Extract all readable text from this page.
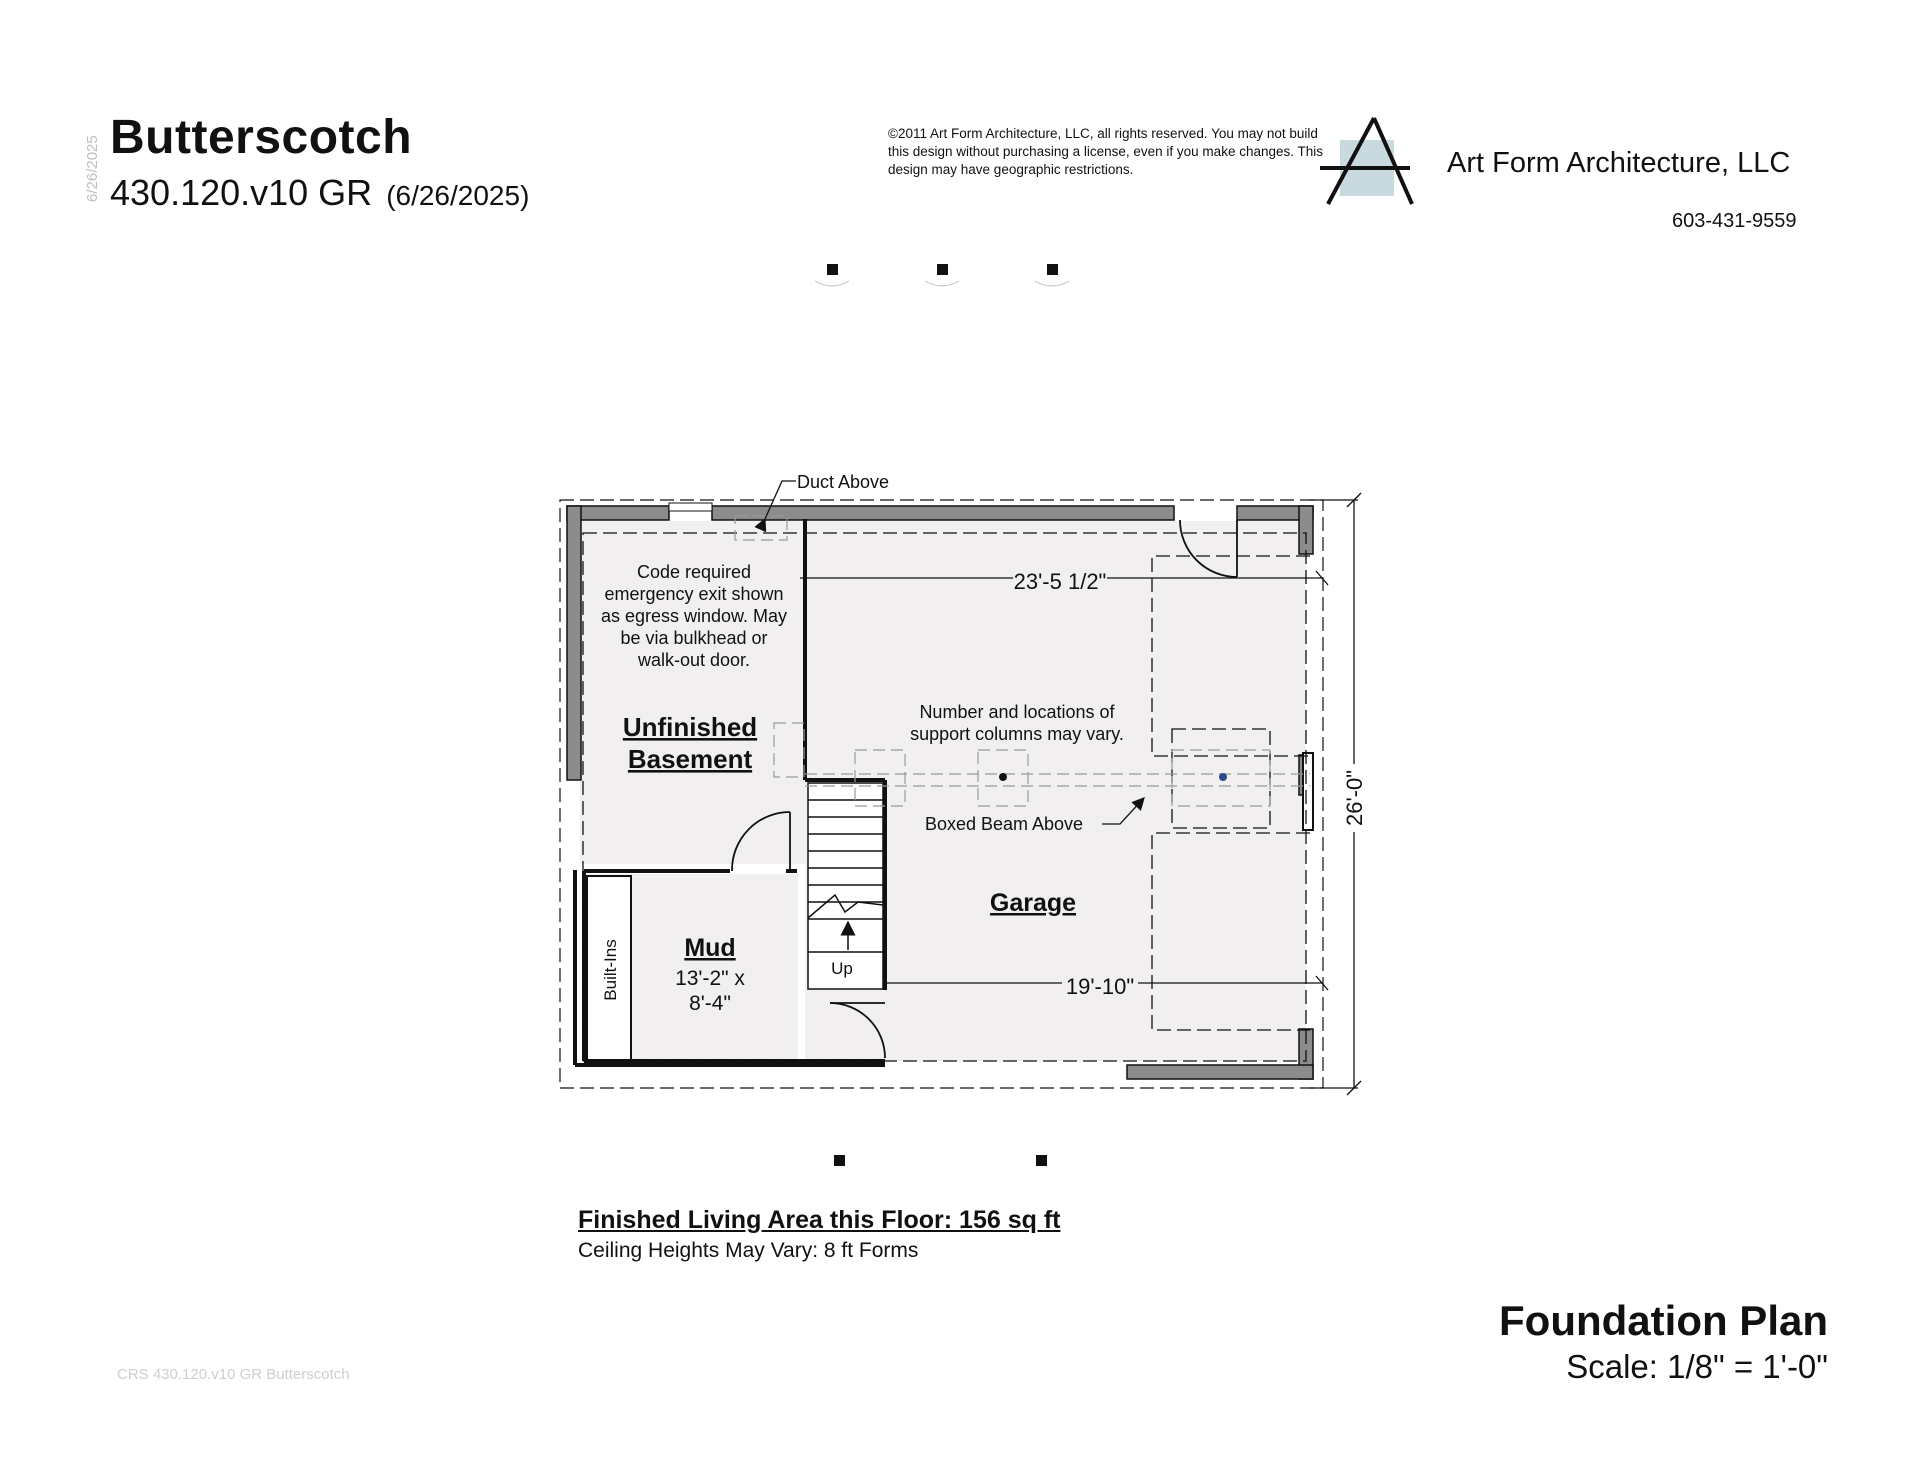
6/26/2025 Butterscotch
430.120.v10 GR (6/26/2025)
©2011 Art Form Architecture, LLC, all rights reserved. You may not build this design without purchasing a license, even if you make changes. This design may have geographic restrictions.	Art Form Architecture, LLC
603-431-9559
23'-5 1/2"
19'-10"
26'-0"
Duct Above
Code required
emergency exit shown
as egress window. May
be via bulkhead or
walk-out door.
Unfinished
Basement
Number and locations of
support columns may vary.
Boxed Beam Above
Garage
Mud
13'-2" x
8'-4"
Built-Ins	Up
Finished Living Area this Floor: 156 sq ft
Ceiling Heights May Vary: 8 ft Forms
Foundation Plan
Scale: 1/8" = 1'-0"
CRS 430.120.v10 GR Butterscotch
